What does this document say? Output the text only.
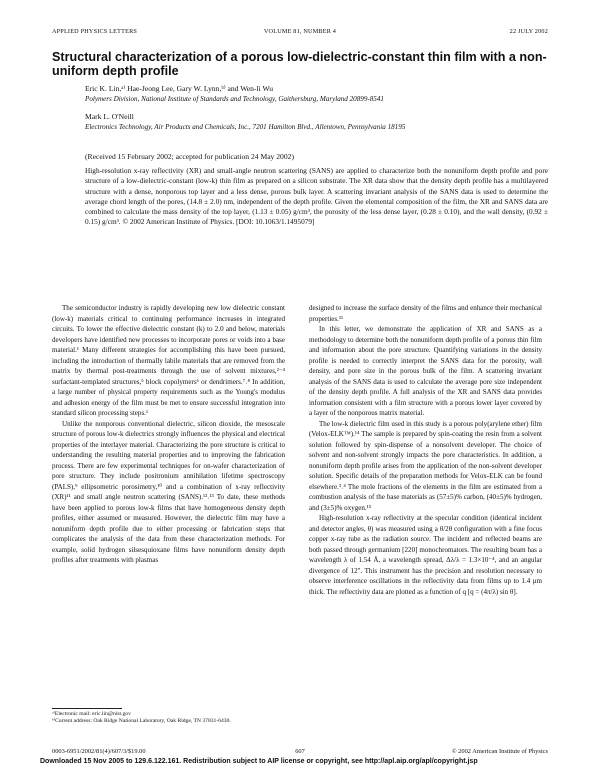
APPLIED PHYSICS LETTERS	VOLUME 81, NUMBER 4	22 JULY 2002
Structural characterization of a porous low-dielectric-constant thin film with a non-uniform depth profile
Eric K. Lin,ᵃ⁾ Hae-Jeong Lee, Gary W. Lynn,ᵇ⁾ and Wen-li Wu
Polymers Division, National Institute of Standards and Technology, Gaithersburg, Maryland 20899-8541
Mark L. O'Neill
Electronics Technology, Air Products and Chemicals, Inc., 7201 Hamilton Blvd., Allentown, Pennsylvania 18195
(Received 15 February 2002; accepted for publication 24 May 2002)
High-resolution x-ray reflectivity (XR) and small-angle neutron scattering (SANS) are applied to characterize both the nonuniform depth profile and pore structure of a low-dielectric-constant (low-k) thin film as prepared on a silicon substrate. The XR data show that the density depth profile has a multilayered structure with a dense, nonporous top layer and a less dense, porous bulk layer. A scattering invariant analysis of the SANS data is used to determine the average chord length of the pores, (14.8 ± 2.0) nm, independent of the depth profile. Given the elemental composition of the film, the XR and SANS data are combined to calculate the mass density of the top layer, (1.13 ± 0.05) g/cm³, the porosity of the less dense layer, (0.28 ± 0.10), and the wall density, (0.92 ± 0.15) g/cm³. © 2002 American Institute of Physics. [DOI: 10.1063/1.1495079]

The semiconductor industry is rapidly developing new low dielectric constant (low-k) materials critical to continuing performance increases in integrated circuits. To lower the effective dielectric constant (k) to 2.0 and below, materials developers have identified new processes to incorporate pores or voids into a base material.¹ Many different strategies for accomplishing this have been pursued, including the introduction of thermally labile materials that are removed from the matrix by thermal post-treatments through the use of solvent mixtures,²⁻⁴ surfactant-templated structures,⁵ block copolymers⁶ or dendrimers.⁷˒⁸ In addition, a large number of physical property requirements such as the Young's modulus and adhesion energy of the film must be met to ensure successful integration into standard silicon processing steps.¹

Unlike the nonporous conventional dielectric, silicon dioxide, the mesoscale structure of porous low-k dielectrics strongly influences the physical and electrical properties of the interlayer material. Characterizing the pore structure is critical to understanding the resulting material properties and to improving the fabrication process. There are few experimental techniques for on-wafer characterization of pore structure. They include positronium annihilation lifetime spectroscopy (PALS),⁹ ellipsometric porosimetry,¹⁰ and a combination of x-ray reflectivity (XR)¹¹ and small angle neutron scattering (SANS).¹²˒¹³ To date, these methods have been applied to porous low-k films that have homogeneous density depth profiles, either assumed or measured. However, the dielectric film may have a nonuniform depth profile due to either processing or fabrication steps that complicates the analysis of the data from these characterization methods. For example, solid hydrogen silsesquioxane films have nonuniform density depth profiles after treatments with plasmas

designed to increase the surface density of the films and enhance their mechanical properties.¹¹

In this letter, we demonstrate the application of XR and SANS as a methodology to determine both the nonuniform depth profile of a porous thin film and information about the pore structure. Quantifying variations in the density profile is needed to correctly interpret the SANS data for the porosity, wall density, and pore size in the porous bulk of the film. A scattering invariant analysis of the SANS data is used to calculate the average pore size independent of the density depth profile. A full analysis of the XR and SANS data provides information consistent with a film structure with a porous lower layer covered by a layer of the nonporous matrix material.

The low-k dielectric film used in this study is a porous poly(arylene ether) film (Velox-ELK™).¹⁴ The sample is prepared by spin-coating the resin from a solvent solution followed by spin-dispense of a nonsolvent developer. The choice of solvent and non-solvent strongly impacts the pore characteristics. In addition, a nonuniform depth profile arises from the application of the non-solvent developer solution. Specific details of the preparation methods for Velox-ELK can be found elsewhere.³˒⁴ The mole fractions of the elements in the film are estimated from a combustion analysis of the base materials as (57±5)% carbon, (40±5)% hydrogen, and (3±5)% oxygen.¹⁵

High-resolution x-ray reflectivity at the specular condition (identical incident and detector angles, θ) was measured using a θ/2θ configuration with a fine focus copper x-ray tube as the radiation source. The incident and reflected beams are both passed through germanium [220] monochromators. The resulting beam has a wavelength λ of 1.54 Å, a wavelength spread, Δλ/λ = 1.3×10⁻⁴, and an angular divergence of 12″. This instrument has the precision and resolution necessary to observe interference oscillations in the reflectivity data from films up to 1.4 μm thick. The reflectivity data are plotted as a function of q [q = (4π/λ) sin θ].

ᵃ⁾Electronic mail: eric.lin@nist.gov
ᵇ⁾Current address: Oak Ridge National Laboratory, Oak Ridge, TN 37831-6430.
0003-6951/2002/81(4)/607/3/$19.00	607	© 2002 American Institute of Physics
Downloaded 15 Nov 2005 to 129.6.122.161. Redistribution subject to AIP license or copyright, see http://apl.aip.org/apl/copyright.jsp
